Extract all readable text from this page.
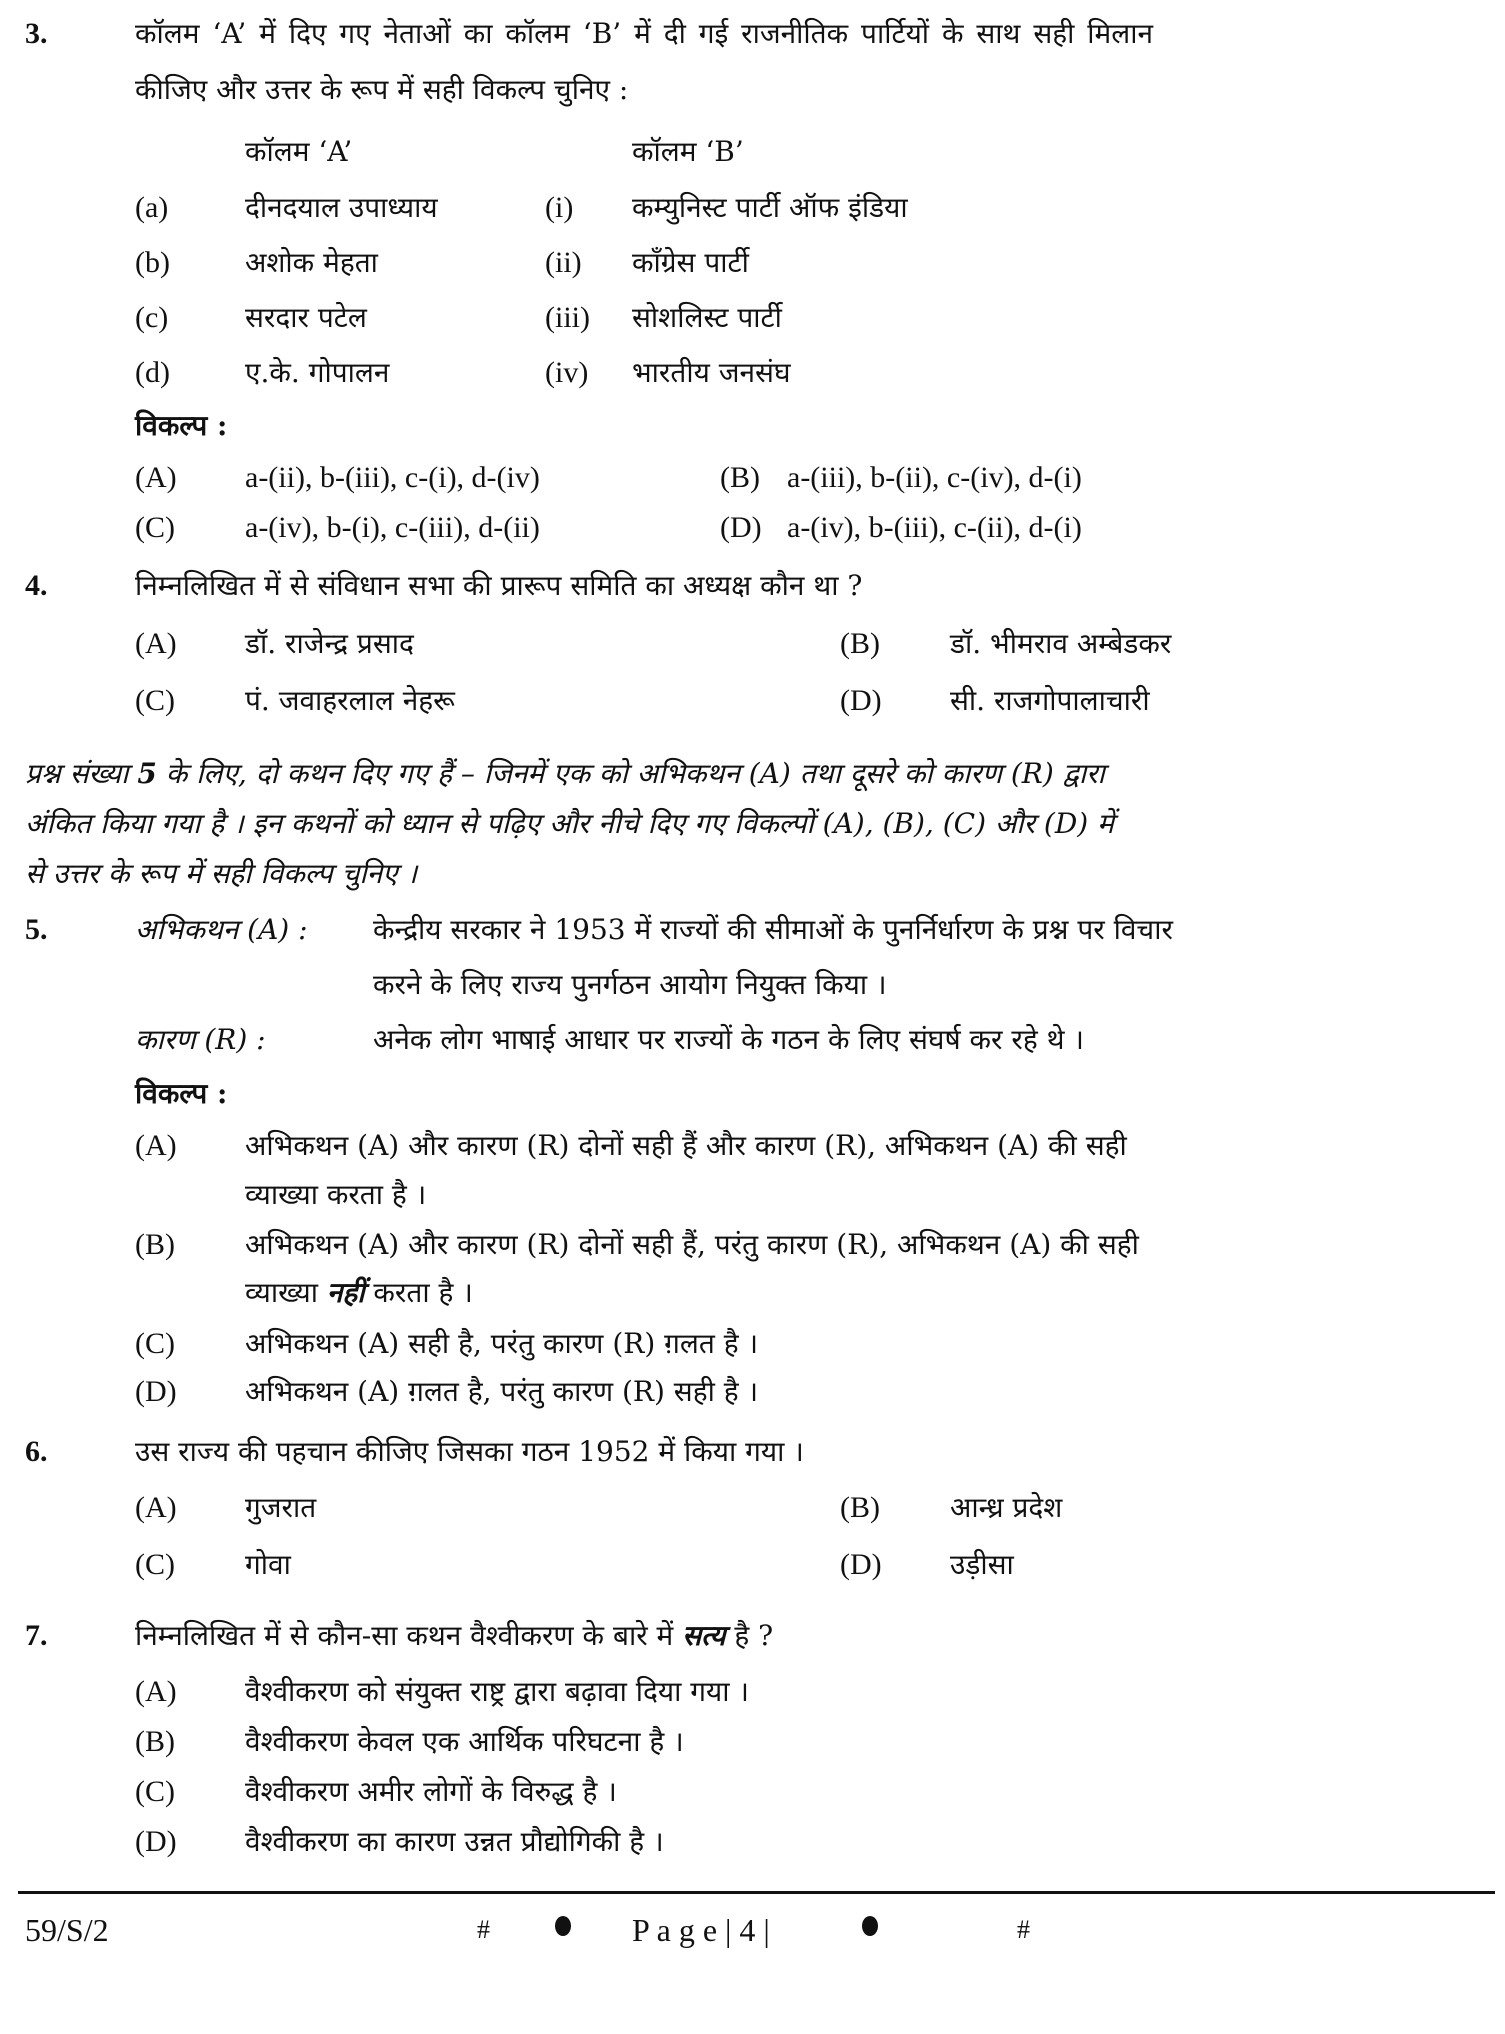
3.	कॉलम ‘A’ में दिए गए नेताओं का कॉलम ‘B’ में दी गई राजनीतिक पार्टियों के साथ सही मिलान
कीजिए और उत्तर के रूप में सही विकल्प चुनिए :
कॉलम ‘A’	कॉलम ‘B’
(a)	दीनदयाल उपाध्याय	(i) कम्युनिस्ट पार्टी ऑफ इंडिया
(b)	अशोक मेहता	(ii) काँग्रेस पार्टी
(c)	सरदार पटेल	(iii) सोशलिस्ट पार्टी
(d)	ए.के. गोपालन	(iv) भारतीय जनसंघ
विकल्प :
(A) a-(ii), b-(iii), c-(i), d-(iv)	(B) a-(iii), b-(ii), c-(iv), d-(i)
(C) a-(iv), b-(i), c-(iii), d-(ii)	(D) a-(iv), b-(iii), c-(ii), d-(i)
4.	निम्नलिखित में से संविधान सभा की प्रारूप समिति का अध्यक्ष कौन था ?
(A) डॉ. राजेन्द्र प्रसाद	(B)	डॉ. भीमराव अम्बेडकर
(C)	पं. जवाहरलाल नेहरू	(D) सी. राजगोपालाचारी
प्रश्न संख्या 5 के लिए, दो कथन दिए गए हैं – जिनमें एक को अभिकथन (A) तथा दूसरे को कारण (R) द्वारा
अंकित किया गया है । इन कथनों को ध्यान से पढ़िए और नीचे दिए गए विकल्पों (A), (B), (C) और (D) में
से उत्तर के रूप में सही विकल्प चुनिए ।
5.	अभिकथन (A) : केन्द्रीय सरकार ने 1953 में राज्यों की सीमाओं के पुनर्निर्धारण के प्रश्न पर विचार
करने के लिए राज्य पुनर्गठन आयोग नियुक्त किया ।
कारण (R) :	अनेक लोग भाषाई आधार पर राज्यों के गठन के लिए संघर्ष कर रहे थे ।
विकल्प :
(A) अभिकथन (A) और कारण (R) दोनों सही हैं और कारण (R), अभिकथन (A) की सही
व्याख्या करता है ।
(B)	अभिकथन (A) और कारण (R) दोनों सही हैं, परंतु कारण (R), अभिकथन (A) की सही
व्याख्या नहीं करता है ।
(C)	अभिकथन (A) सही है, परंतु कारण (R) ग़लत है ।
(D) अभिकथन (A) ग़लत है, परंतु कारण (R) सही है ।
6.	उस राज्य की पहचान कीजिए जिसका गठन 1952 में किया गया ।
(A) गुजरात	(B)	आन्ध्र प्रदेश
(C)	गोवा	(D) उड़ीसा
7.	निम्नलिखित में से कौन-सा कथन वैश्वीकरण के बारे में सत्य है ?
(A) वैश्वीकरण को संयुक्त राष्ट्र द्वारा बढ़ावा दिया गया ।
(B)	वैश्वीकरण केवल एक आर्थिक परिघटना है ।
(C)	वैश्वीकरण अमीर लोगों के विरुद्ध है ।
(D) वैश्वीकरण का कारण उन्नत प्रौद्योगिकी है ।
59/S/2	#	P a g e | 4 |	#
